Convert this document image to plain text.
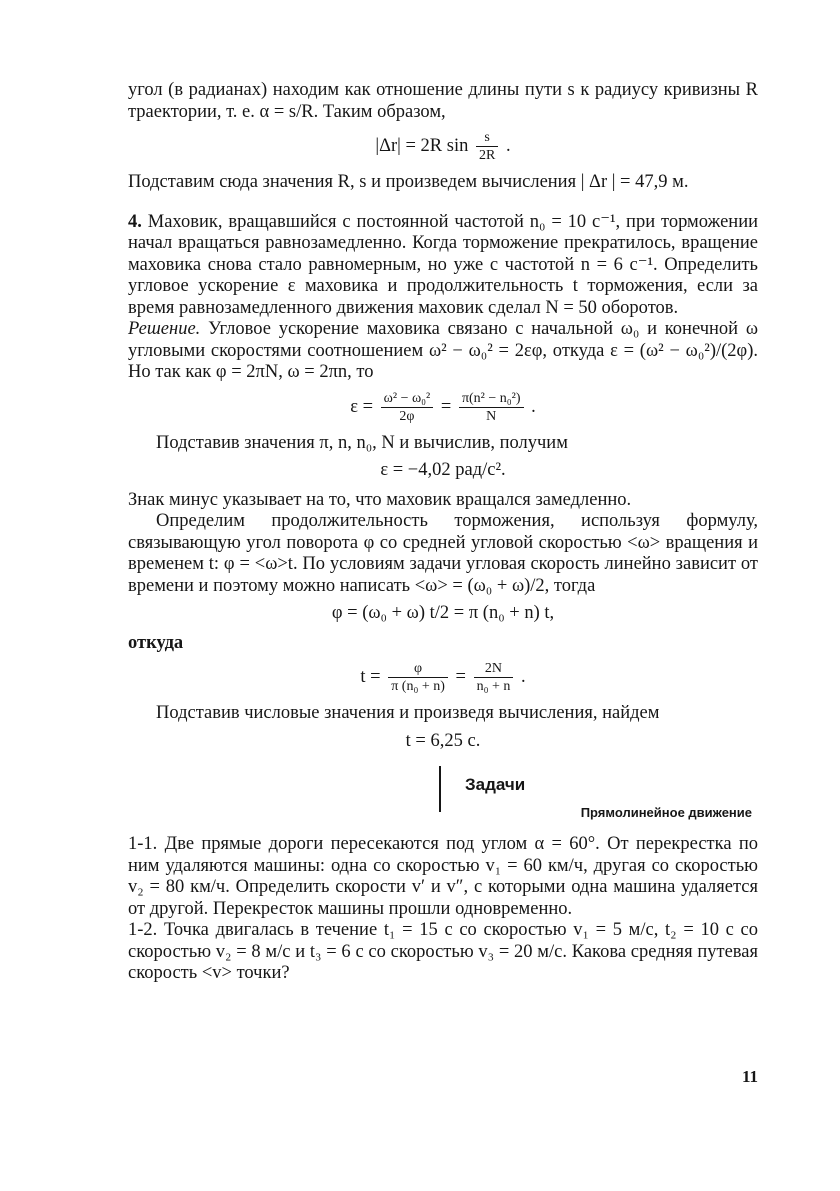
угол (в радианах) находим как отношение длины пути s к радиусу кривизны R траектории, т. е. α = s/R. Таким образом,

|Δr| = 2R $\sin \frac{s}{2R}$ .

Подставим сюда значения R, s и произведем вычисления | Δr | = 47,9 м.

4. Маховик, вращавшийся с постоянной частотой n₀ = 10 с⁻¹, при торможении начал вращаться равнозамедленно. Когда торможение прекратилось, вращение маховика снова стало равномерным, но уже с частотой n = 6 с⁻¹. Определить угловое ускорение ε маховика и продолжительность t торможения, если за время равнозамедленного движения маховик сделал N = 50 оборотов.

Решение. Угловое ускорение маховика связано с начальной ω₀ и конечной ω угловыми скоростями соотношением ω² − ω₀² = 2εφ, откуда ε = (ω² − ω₀²)/(2φ). Но так как φ = 2πN, ω = 2πn, то

$\varepsilon = \frac{\text{ω² − ω₀²}}{2\varphi} = \frac{\text{π(n² − n₀²)}}{N}$ .

Подставив значения π, n, n₀, N и вычислив, получим

ε = −4,02 рад/с².

Знак минус указывает на то, что маховик вращался замедленно.

Определим продолжительность торможения, используя формулу, связывающую угол поворота φ со средней угловой скоростью <ω> вращения и временем t: φ = <ω>t. По условиям задачи угловая скорость линейно зависит от времени и поэтому можно написать <ω> = (ω₀ + ω)/2, тогда

φ = (ω₀ + ω) t/2 = π (n₀ + n) t,

откуда

$t = \frac{\varphi}{\text{π (n₀ + n)}} = \frac{2N}{\text{n₀ + n}}$ .

Подставив числовые значения и произведя вычисления, найдем

t = 6,25 с.
Задачи
Прямолинейное движение

1-1. Две прямые дороги пересекаются под углом α = 60°. От перекрестка по ним удаляются машины: одна со скоростью v₁ = 60 км/ч, другая со скоростью v₂ = 80 км/ч. Определить скорости v′ и v″, с которыми одна машина удаляется от другой. Перекресток машины прошли одновременно.

1-2. Точка двигалась в течение t₁ = 15 с со скоростью v₁ = 5 м/с, t₂ = 10 с со скоростью v₂ = 8 м/с и t₃ = 6 с со скоростью v₃ = 20 м/с. Какова средняя путевая скорость <v> точки?

11
